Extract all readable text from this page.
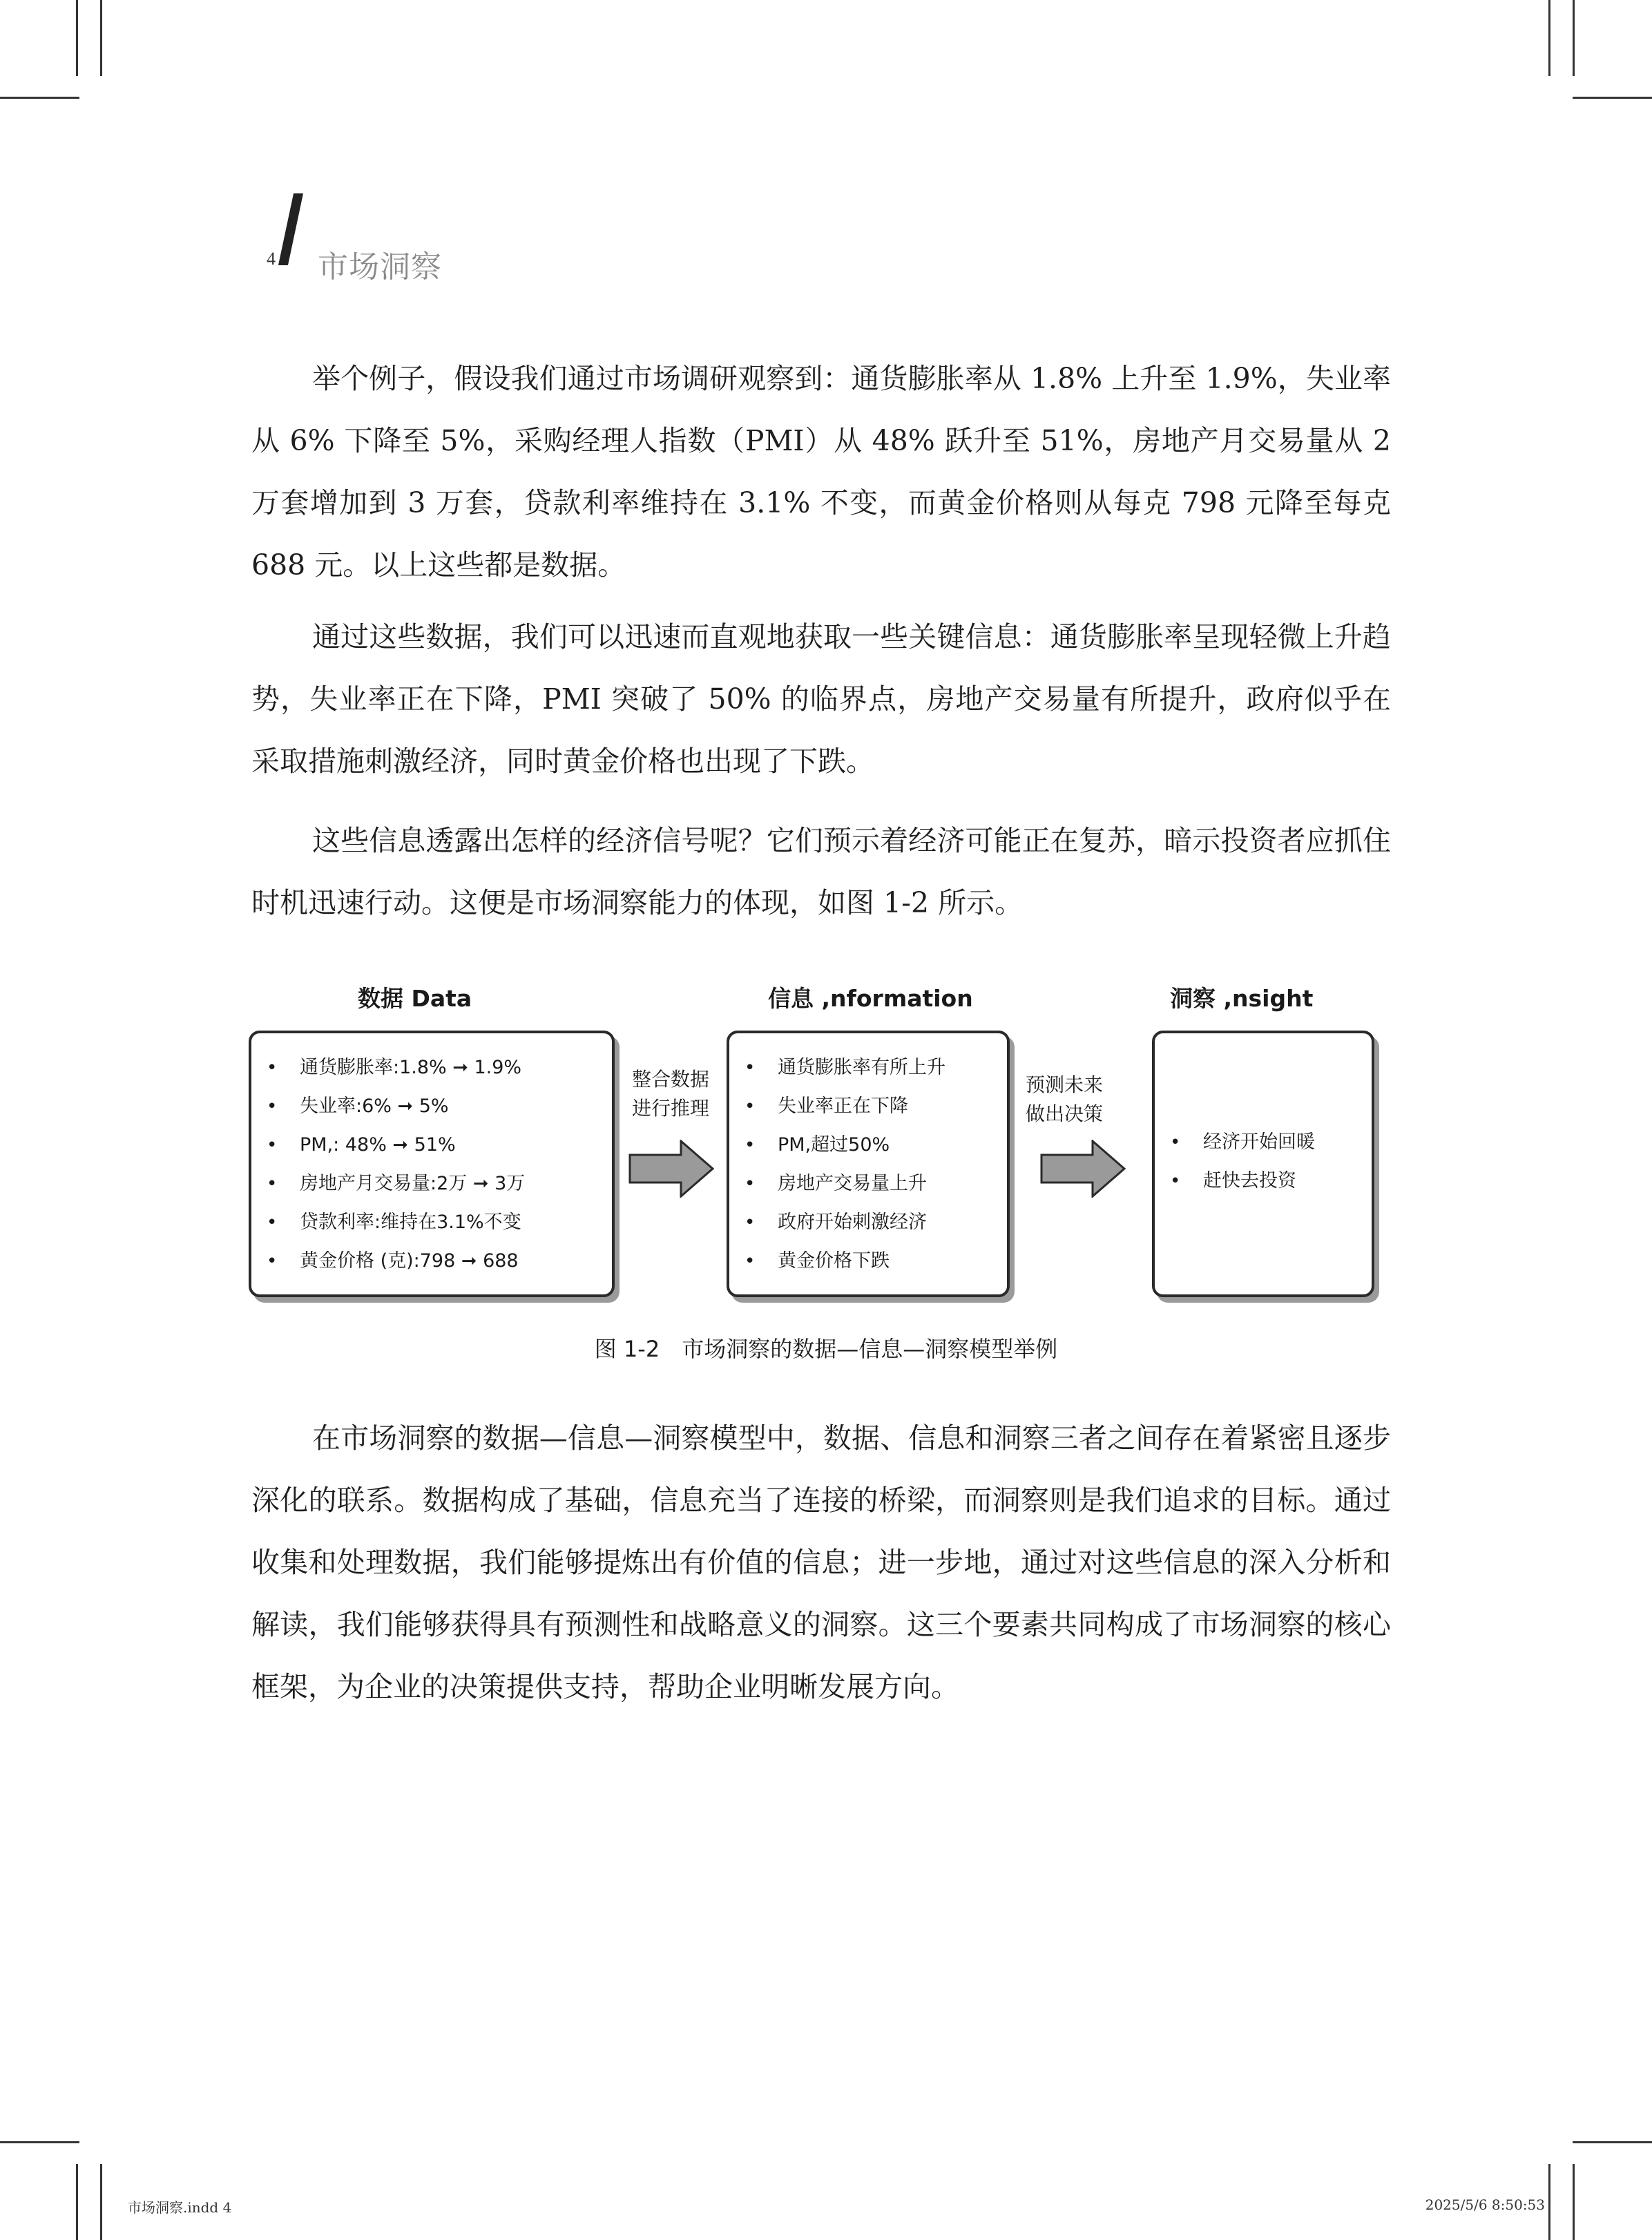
4 市场洞察

举个例子，假设我们通过市场调研观察到：通货膨胀率从 1.8% 上升至 1.9%，失业率从 6% 下降至 5%，采购经理人指数（PMI）从 48% 跃升至 51%，房地产月交易量从 2 万套增加到 3 万套，贷款利率维持在 3.1% 不变，而黄金价格则从每克 798 元降至每克 688 元。以上这些都是数据。

通过这些数据，我们可以迅速而直观地获取一些关键信息：通货膨胀率呈现轻微上升趋势，失业率正在下降，PMI 突破了 50% 的临界点，房地产交易量有所提升，政府似乎在采取措施刺激经济，同时黄金价格也出现了下跌。

这些信息透露出怎样的经济信号呢？它们预示着经济可能正在复苏，暗示投资者应抓住时机迅速行动。这便是市场洞察能力的体现，如图 1-2 所示。

数据 Data	信息 ,nformation	洞察 ,nsight
• 通货膨胀率:1.8% ➞ 1.9%
• 失业率:6% ➞ 5%
• PM,: 48% ➞ 51%
• 房地产月交易量:2万 ➞ 3万
• 贷款利率:维持在3.1%不变
• 黄金价格 (克):798 ➞ 688
整合数据
进行推理
• 通货膨胀率有所上升
• 失业率正在下降
• PM,超过50%
• 房地产交易量上升
• 政府开始刺激经济
• 黄金价格下跌
预测未来
做出决策
• 经济开始回暖
• 赶快去投资
图 1-2　市场洞察的数据—信息—洞察模型举例

在市场洞察的数据—信息—洞察模型中，数据、信息和洞察三者之间存在着紧密且逐步深化的联系。数据构成了基础，信息充当了连接的桥梁，而洞察则是我们追求的目标。通过收集和处理数据，我们能够提炼出有价值的信息；进一步地，通过对这些信息的深入分析和解读，我们能够获得具有预测性和战略意义的洞察。这三个要素共同构成了市场洞察的核心框架，为企业的决策提供支持，帮助企业明晰发展方向。

市场洞察.indd 4	2025/5/6 8:50:53
